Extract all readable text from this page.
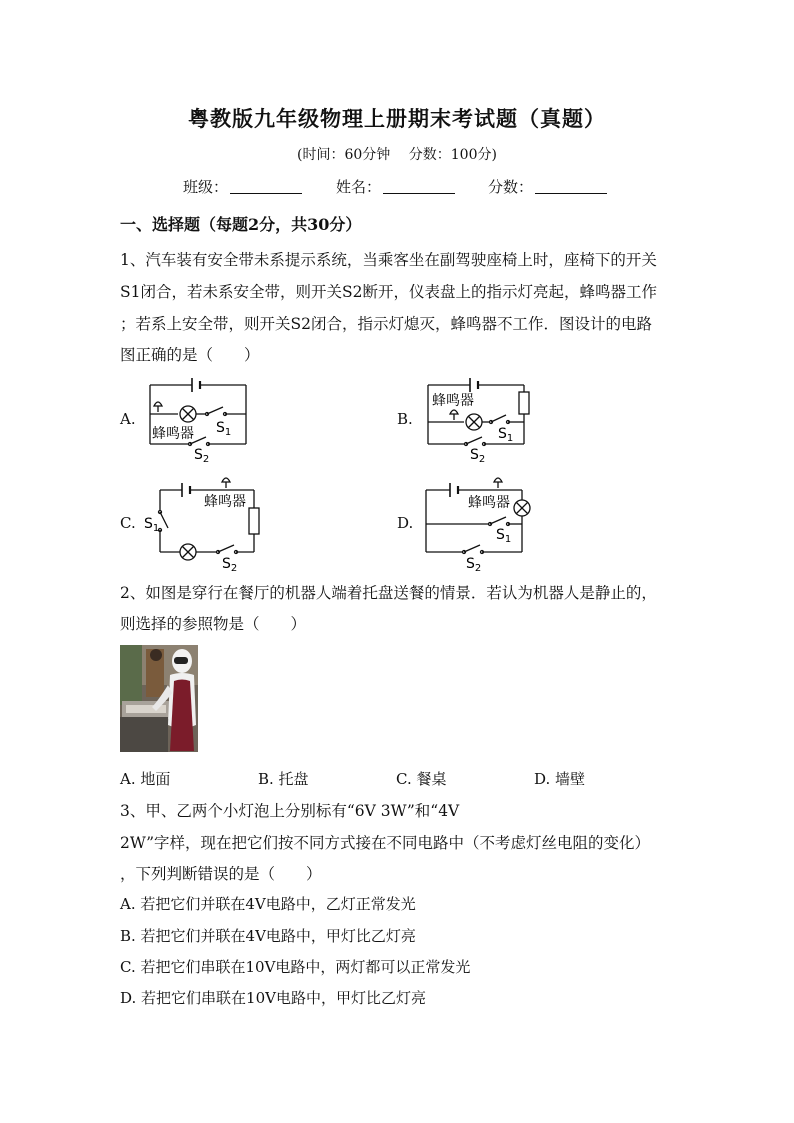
粤教版九年级物理上册期末考试题（真题）
(时间：60分钟　 分数：100分)
班级：	姓名：	分数：
一、选择题（每题2分，共30分）
1、汽车装有安全带未系提示系统，当乘客坐在副驾驶座椅上时，座椅下的开关
S1闭合，若未系安全带，则开关S2断开，仪表盘上的指示灯亮起，蜂鸣器工作
；若系上安全带，则开关S2闭合，指示灯熄灭，蜂鸣器不工作．图设计的电路
图正确的是（　　）
A.	B.
C.	D.
蜂鸣器 $S_1$
$S_2$
蜂鸣器
$S_1$
$S_2$
蜂鸣器
$S_1$
$S_2$
蜂鸣器
$S_1$
$S_2$
2、如图是穿行在餐厅的机器人端着托盘送餐的情景．若认为机器人是静止的，
则选择的参照物是（　　）
A. 地面	B. 托盘	C. 餐桌	D. 墙壁
3、甲、乙两个小灯泡上分别标有“6V 3W”和“4V
2W”字样，现在把它们按不同方式接在不同电路中（不考虑灯丝电阻的变化）
，下列判断错误的是（　　）
A. 若把它们并联在4V电路中，乙灯正常发光
B. 若把它们并联在4V电路中，甲灯比乙灯亮
C. 若把它们串联在10V电路中，两灯都可以正常发光
D. 若把它们串联在10V电路中，甲灯比乙灯亮
